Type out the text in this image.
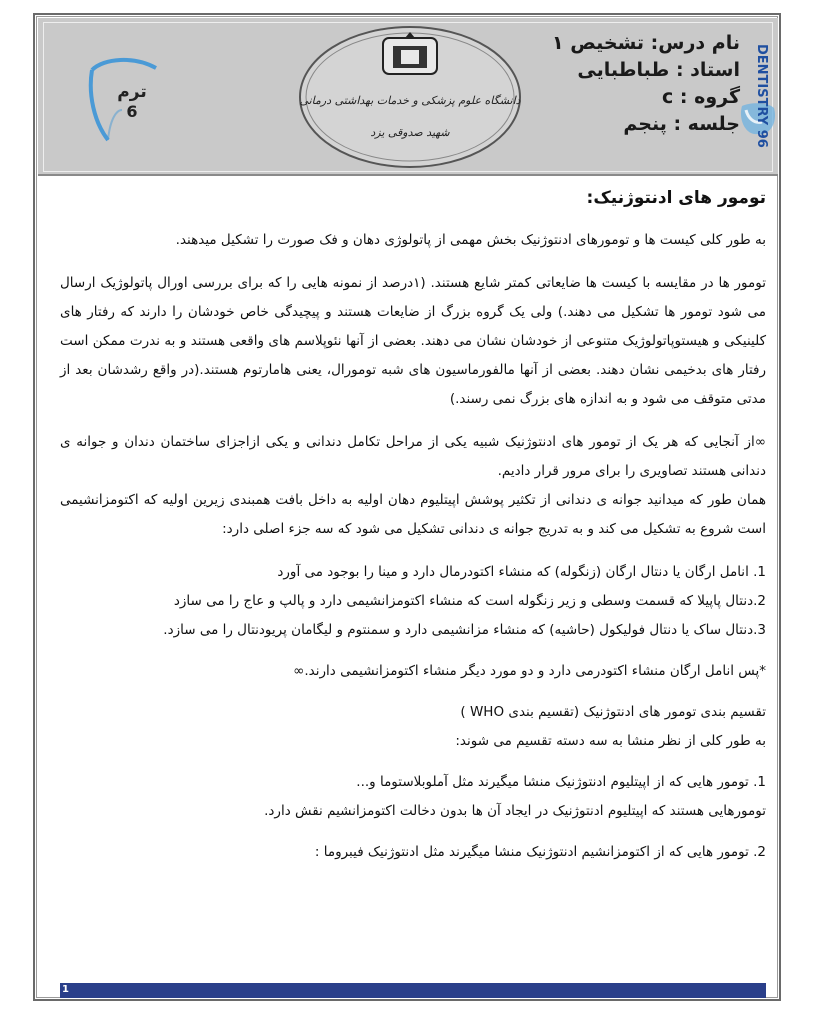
نام درس: تشخیص ۱
استاد : طباطبایی
گروه : c
جلسه : پنجم	DENTISTRY 96
ترم
6
دانشگاه علوم پزشکی و خدمات بهداشتی درمانی
شهید صدوقی یزد
تومور های ادنتوژنیک:

به طور کلی کیست ها و تومورهای ادنتوژنیک بخش مهمی از پاتولوژی دهان و فک صورت را تشکیل میدهند.

تومور ها در مقایسه با کیست ها ضایعاتی کمتر شایع هستند. (۱درصد از نمونه هایی را که برای بررسی اورال پاتولوژیک ارسال می شود تومور ها تشکیل می دهند.) ولی یک گروه بزرگ از ضایعات هستند و پیچیدگی خاص خودشان را دارند که رفتار های کلینیکی و هیستوپاتولوژیک متنوعی از خودشان نشان می دهند. بعضی از آنها نئوپلاسم های واقعی هستند و به ندرت ممکن است رفتار های بدخیمی نشان دهند. بعضی از آنها مالفورماسیون های شبه تومورال، یعنی هامارتوم هستند.(در واقع رشدشان بعد از مدتی متوقف می شود و به اندازه های بزرگ نمی رسند.)

∞از آنجایی که هر یک از تومور های ادنتوژنیک شبیه یکی از مراحل تکامل دندانی و یکی ازاجزای ساختمان دندان و جوانه ی دندانی هستند تصاویری را برای مرور قرار دادیم.

همان طور که میدانید جوانه ی دندانی از تکثیر پوشش اپیتلیوم دهان اولیه به داخل بافت همبندی زیرین اولیه که اکتومزانشیمی است شروع به تشکیل می کند و به تدریج جوانه ی دندانی تشکیل می شود که سه جزء اصلی دارد:

1. انامل ارگان یا دنتال ارگان (زنگوله) که منشاء اکتودرمال دارد و مینا را بوجود می آورد

2.دنتال پاپیلا که قسمت وسطی و زیر زنگوله است که منشاء اکتومزانشیمی دارد و پالپ و عاج را می سازد

3.دنتال ساک یا دنتال فولیکول (حاشیه) که منشاء مزانشیمی دارد و سمنتوم و لیگامان پریودنتال را می سازد.

*پس انامل ارگان منشاء اکتودرمی دارد و دو مورد دیگر منشاء اکتومزانشیمی دارند.∞

تقسیم بندی تومور های ادنتوژنیک (تقسیم بندی WHO )

به طور کلی از نظر منشا به سه دسته تقسیم می شوند:

1. تومور هایی که از اپیتلیوم ادنتوژنیک منشا میگیرند مثل آملوبلاستوما و...

تومورهایی هستند که اپیتلیوم ادنتوژنیک در ایجاد آن ها بدون دخالت اکتومزانشیم نقش دارد.

2. تومور هایی که از اکتومزانشیم ادنتوژنیک منشا میگیرند مثل ادنتوژنیک فیبروما :

1
